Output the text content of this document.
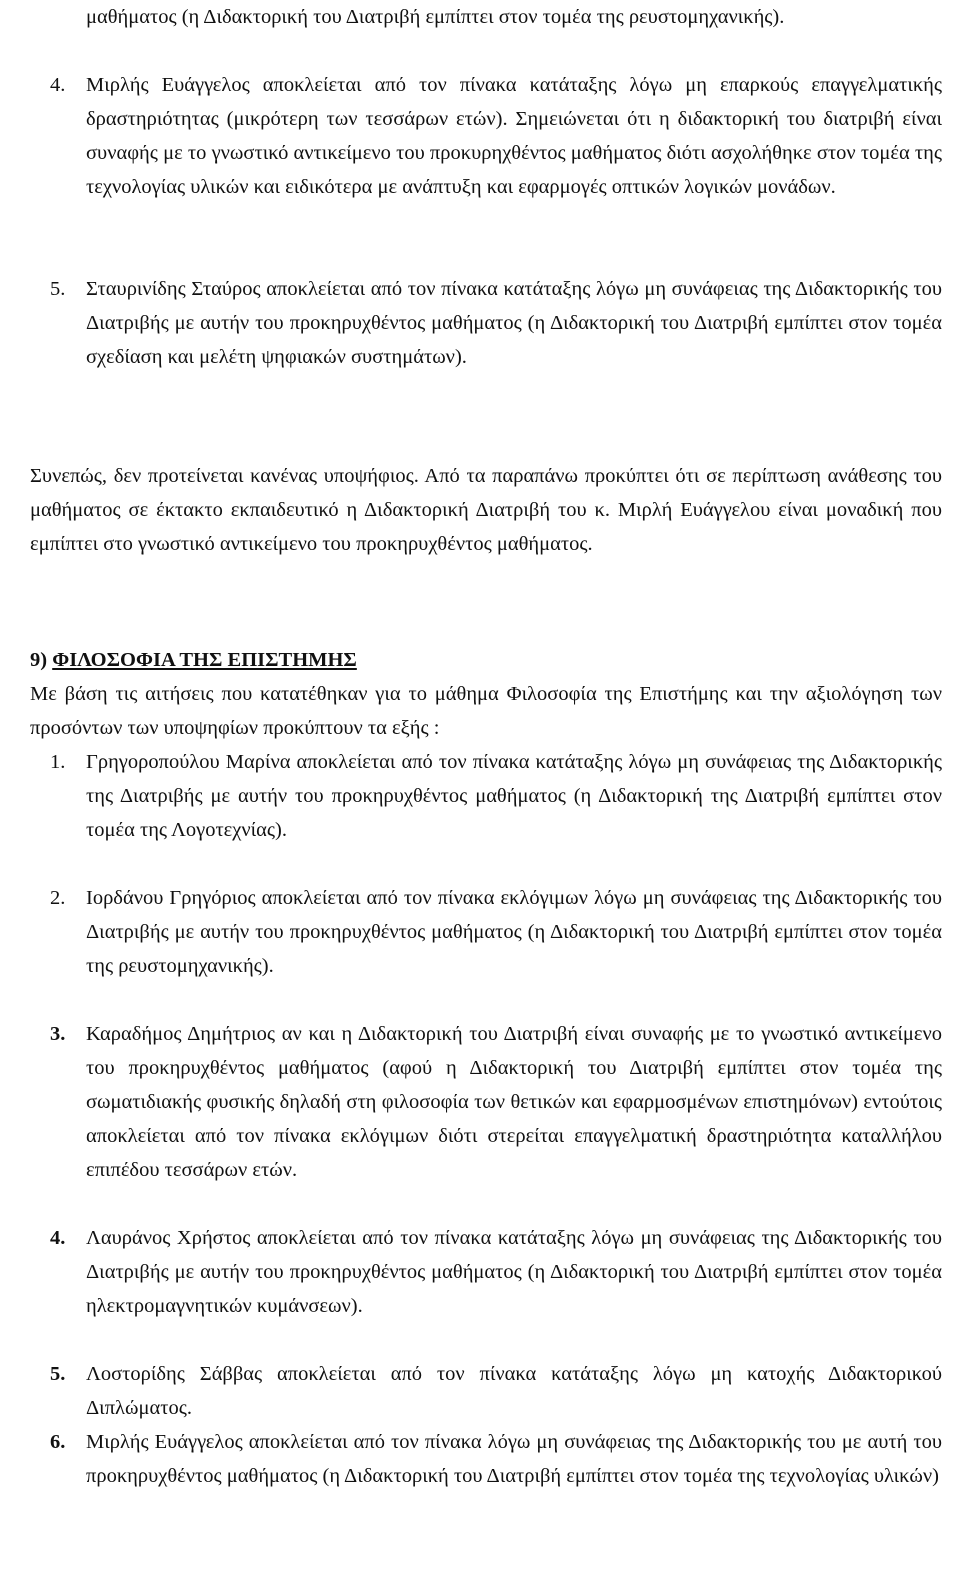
μαθήματος (η Διδακτορική του Διατριβή εμπίπτει στον τομέα της ρευστομηχανικής).

4.	Μιρλής Ευάγγελος αποκλείεται από τον πίνακα κατάταξης λόγω μη επαρκούς επαγγελματικής δραστηριότητας (μικρότερη των τεσσάρων ετών). Σημειώνεται ότι η διδακτορική του διατριβή είναι συναφής με το γνωστικό αντικείμενο του προκυρηχθέντος μαθήματος διότι ασχολήθηκε στον τομέα της τεχνολογίας υλικών και ειδικότερα με ανάπτυξη και εφαρμογές οπτικών λογικών μονάδων.
5.	Σταυρινίδης Σταύρος αποκλείεται από τον πίνακα κατάταξης λόγω μη συνάφειας της Διδακτορικής του Διατριβής με αυτήν του προκηρυχθέντος μαθήματος (η Διδακτορική του Διατριβή εμπίπτει στον τομέα σχεδίαση και μελέτη ψηφιακών συστημάτων).

Συνεπώς, δεν προτείνεται κανένας υποψήφιος. Από τα παραπάνω προκύπτει ότι σε περίπτωση ανάθεσης του μαθήματος σε έκτακτο εκπαιδευτικό η Διδακτορική Διατριβή του κ. Μιρλή Ευάγγελου είναι μοναδική που εμπίπτει στο γνωστικό αντικείμενο του προκηρυχθέντος μαθήματος.

9) ΦΙΛΟΣΟΦΙΑ ΤΗΣ ΕΠΙΣΤΗΜΗΣ

Με βάση τις αιτήσεις που κατατέθηκαν για το μάθημα Φιλοσοφία της Επιστήμης και την αξιολόγηση των προσόντων των υποψηφίων προκύπτουν τα εξής :

1.	Γρηγοροπούλου Μαρίνα αποκλείεται από τον πίνακα κατάταξης λόγω μη συνάφειας της Διδακτορικής της Διατριβής με αυτήν του προκηρυχθέντος μαθήματος (η Διδακτορική της Διατριβή εμπίπτει στον τομέα της Λογοτεχνίας).
2.	Ιορδάνου Γρηγόριος αποκλείεται από τον πίνακα εκλόγιμων λόγω μη συνάφειας της Διδακτορικής του Διατριβής με αυτήν του προκηρυχθέντος μαθήματος (η Διδακτορική του Διατριβή εμπίπτει στον τομέα της ρευστομηχανικής).
3.	Καραδήμος Δημήτριος αν και η Διδακτορική του Διατριβή είναι συναφής με το γνωστικό αντικείμενο του προκηρυχθέντος μαθήματος (αφού η Διδακτορική του Διατριβή εμπίπτει στον τομέα της σωματιδιακής φυσικής δηλαδή στη φιλοσοφία των θετικών και εφαρμοσμένων επιστημόνων) εντούτοις αποκλείεται από τον πίνακα εκλόγιμων διότι στερείται επαγγελματική δραστηριότητα καταλλήλου επιπέδου τεσσάρων ετών.
4.	Λαυράνος Χρήστος αποκλείεται από τον πίνακα κατάταξης λόγω μη συνάφειας της Διδακτορικής του Διατριβής με αυτήν του προκηρυχθέντος μαθήματος (η Διδακτορική του Διατριβή εμπίπτει στον τομέα ηλεκτρομαγνητικών κυμάνσεων).
5.	Λοστορίδης Σάββας αποκλείεται από τον πίνακα κατάταξης λόγω μη κατοχής Διδακτορικού Διπλώματος.
6.	Μιρλής Ευάγγελος αποκλείεται από τον πίνακα λόγω μη συνάφειας της Διδακτορικής του με αυτή του προκηρυχθέντος μαθήματος (η Διδακτορική του Διατριβή εμπίπτει στον τομέα της τεχνολογίας υλικών)
